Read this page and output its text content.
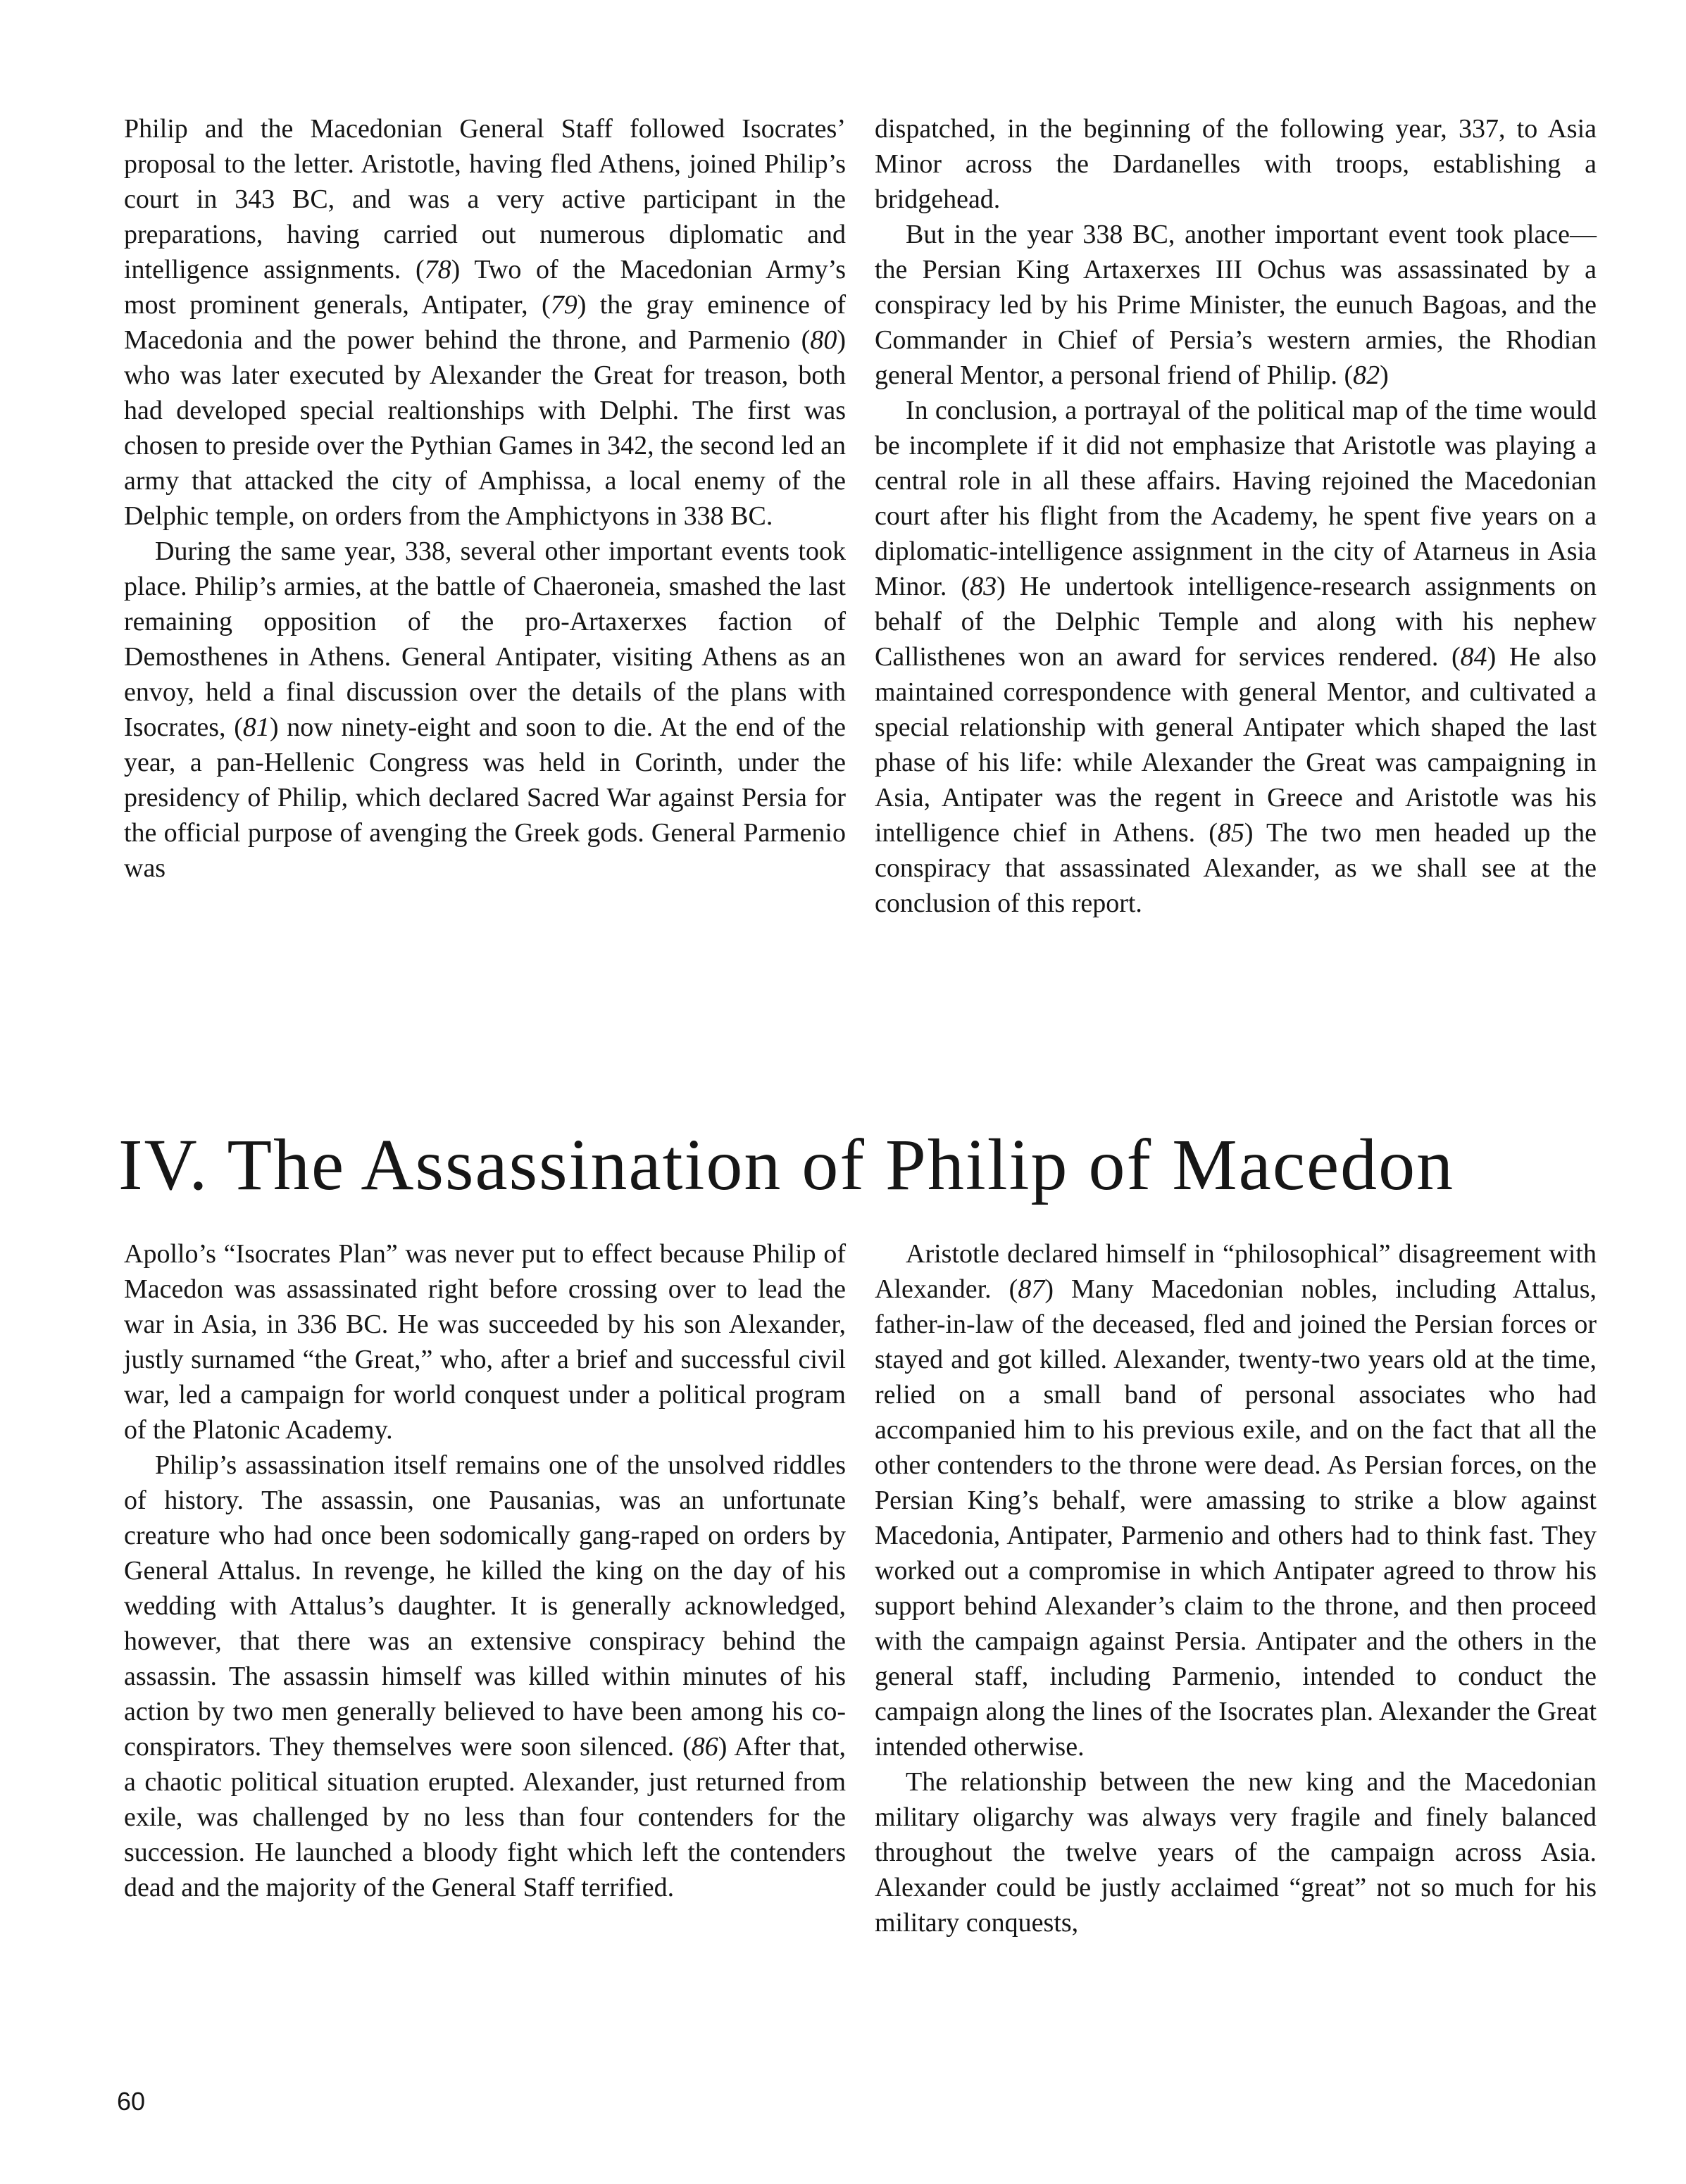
Philip and the Macedonian General Staff followed Isocrates’ proposal to the letter. Aristotle, having fled Athens, joined Philip’s court in 343 BC, and was a very active participant in the preparations, having carried out numerous diplomatic and intelligence assignments. (78) Two of the Macedonian Army’s most prominent generals, Antipater, (79) the gray eminence of Macedonia and the power behind the throne, and Parmenio (80) who was later executed by Alexander the Great for treason, both had developed special realtionships with Delphi. The first was chosen to preside over the Pythian Games in 342, the second led an army that attacked the city of Amphissa, a local enemy of the Delphic temple, on orders from the Amphictyons in 338 BC.

During the same year, 338, several other important events took place. Philip’s armies, at the battle of Chaeroneia, smashed the last remaining opposition of the pro-Artaxerxes faction of Demosthenes in Athens. General Antipater, visiting Athens as an envoy, held a final discussion over the details of the plans with Isocrates, (81) now ninety-eight and soon to die. At the end of the year, a pan-Hellenic Congress was held in Corinth, under the presidency of Philip, which declared Sacred War against Persia for the official purpose of avenging the Greek gods. General Parmenio was

dispatched, in the beginning of the following year, 337, to Asia Minor across the Dardanelles with troops, establishing a bridgehead.

But in the year 338 BC, another important event took place—the Persian King Artaxerxes III Ochus was assassinated by a conspiracy led by his Prime Minister, the eunuch Bagoas, and the Commander in Chief of Persia’s western armies, the Rhodian general Mentor, a personal friend of Philip. (82)

In conclusion, a portrayal of the political map of the time would be incomplete if it did not emphasize that Aristotle was playing a central role in all these affairs. Having rejoined the Macedonian court after his flight from the Academy, he spent five years on a diplomatic-intelligence assignment in the city of Atarneus in Asia Minor. (83) He undertook intelligence-research assignments on behalf of the Delphic Temple and along with his nephew Callisthenes won an award for services rendered. (84) He also maintained correspondence with general Mentor, and cultivated a special relationship with general Antipater which shaped the last phase of his life: while Alexander the Great was campaigning in Asia, Antipater was the regent in Greece and Aristotle was his intelligence chief in Athens. (85) The two men headed up the conspiracy that assassinated Alexander, as we shall see at the conclusion of this report.

IV. The Assassination of Philip of Macedon

Apollo’s “Isocrates Plan” was never put to effect because Philip of Macedon was assassinated right before crossing over to lead the war in Asia, in 336 BC. He was succeeded by his son Alexander, justly surnamed “the Great,” who, after a brief and successful civil war, led a campaign for world conquest under a political program of the Platonic Academy.

Philip’s assassination itself remains one of the unsolved riddles of history. The assassin, one Pausanias, was an unfortunate creature who had once been sodomically gang-raped on orders by General Attalus. In revenge, he killed the king on the day of his wedding with Attalus’s daughter. It is generally acknowledged, however, that there was an extensive conspiracy behind the assassin. The assassin himself was killed within minutes of his action by two men generally believed to have been among his co-conspirators. They themselves were soon silenced. (86) After that, a chaotic political situation erupted. Alexander, just returned from exile, was challenged by no less than four contenders for the succession. He launched a bloody fight which left the contenders dead and the majority of the General Staff terrified.

Aristotle declared himself in “philosophical” disagreement with Alexander. (87) Many Macedonian nobles, including Attalus, father-in-law of the deceased, fled and joined the Persian forces or stayed and got killed. Alexander, twenty-two years old at the time, relied on a small band of personal associates who had accompanied him to his previous exile, and on the fact that all the other contenders to the throne were dead. As Persian forces, on the Persian King’s behalf, were amassing to strike a blow against Macedonia, Antipater, Parmenio and others had to think fast. They worked out a compromise in which Antipater agreed to throw his support behind Alexander’s claim to the throne, and then proceed with the campaign against Persia. Antipater and the others in the general staff, including Parmenio, intended to conduct the campaign along the lines of the Isocrates plan. Alexander the Great intended otherwise.

The relationship between the new king and the Macedonian military oligarchy was always very fragile and finely balanced throughout the twelve years of the campaign across Asia. Alexander could be justly acclaimed “great” not so much for his military conquests,

60
